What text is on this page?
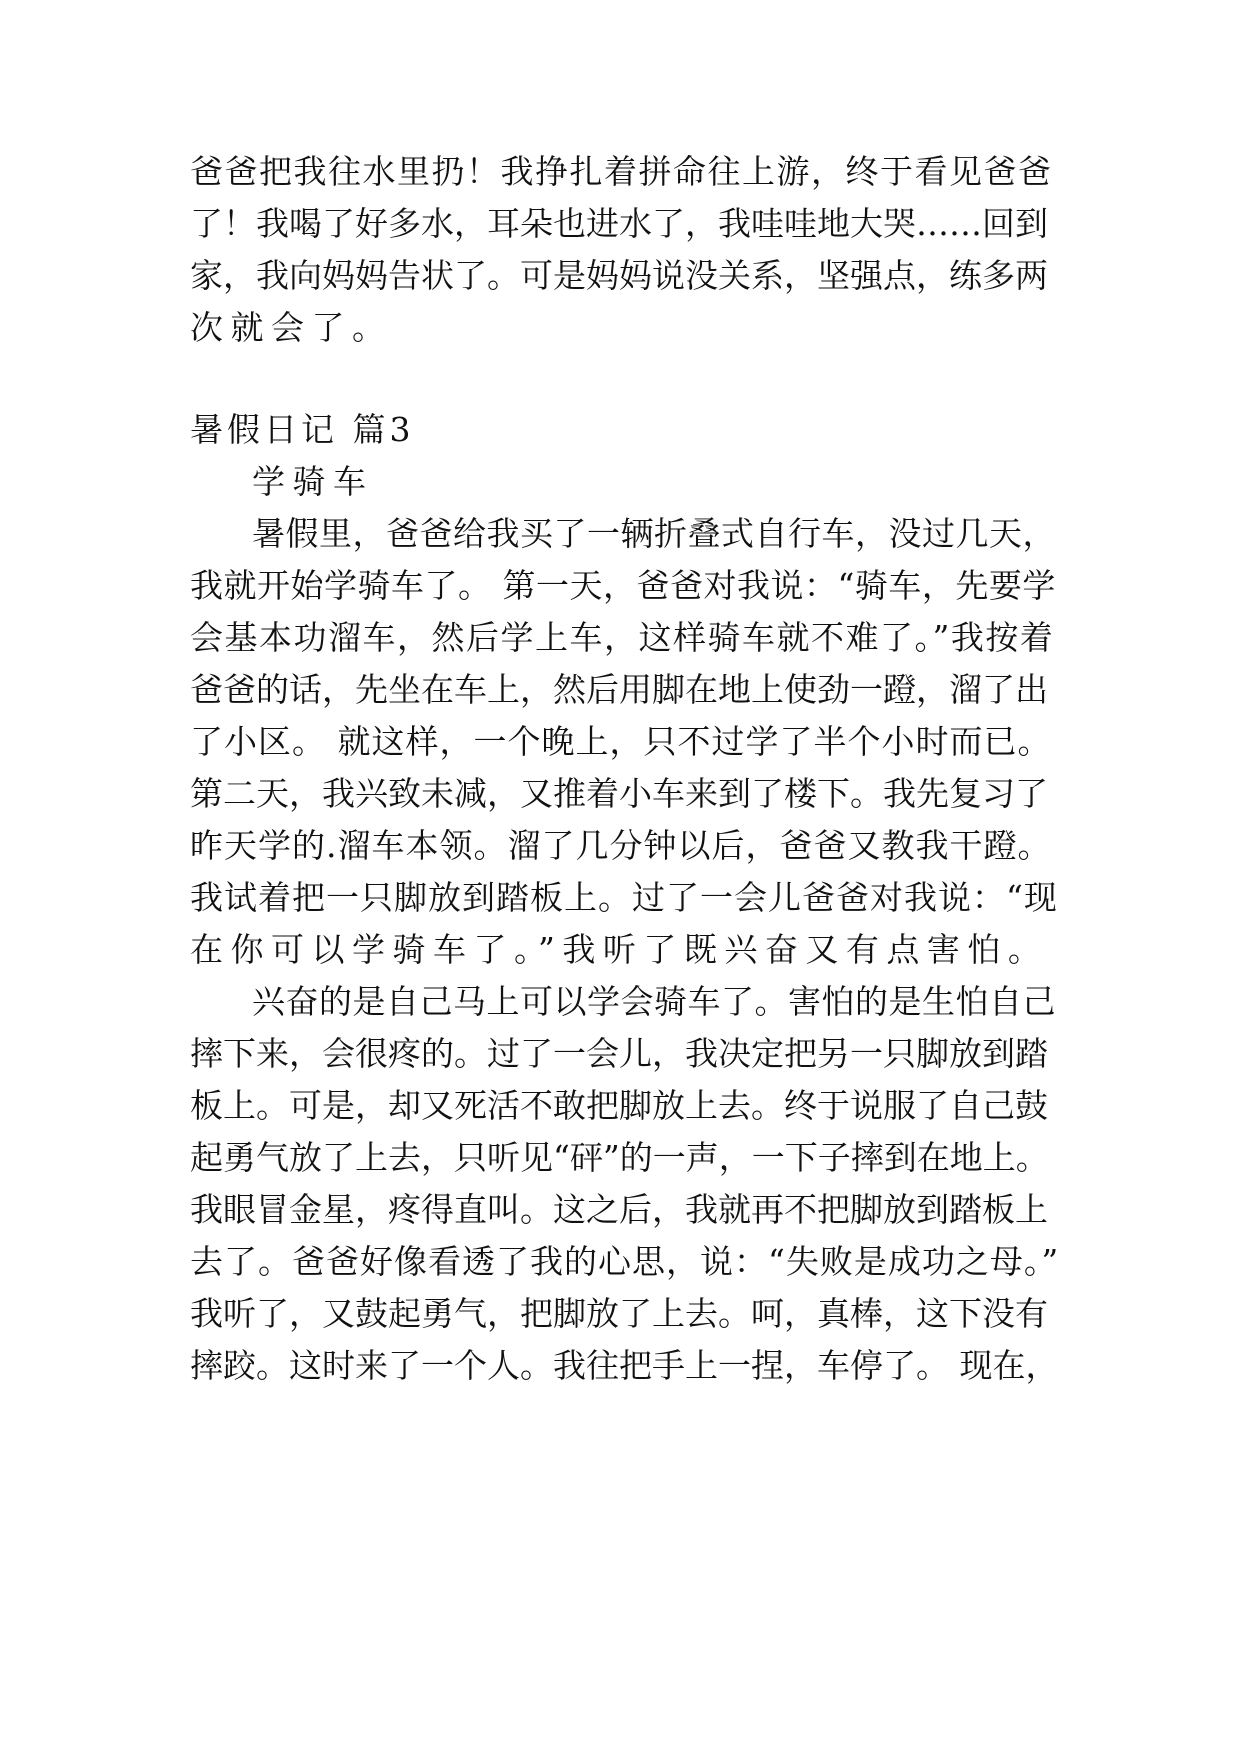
爸爸把我往水里扔！我挣扎着拼命往上游，终于看见爸爸
了！我喝了好多水，耳朵也进水了，我哇哇地大哭……回到
家，我向妈妈告状了。可是妈妈说没关系，坚强点，练多两
次就会了。
暑假日记 篇3
学骑车
暑假里，爸爸给我买了一辆折叠式自行车，没过几天，
我就开始学骑车了。 第一天，爸爸对我说：“骑车，先要学
会基本功溜车，然后学上车，这样骑车就不难了。”我按着
爸爸的话，先坐在车上，然后用脚在地上使劲一蹬，溜了出
了小区。 就这样，一个晚上，只不过学了半个小时而已。
第二天，我兴致未减，又推着小车来到了楼下。我先复习了
昨天学的.溜车本领。溜了几分钟以后，爸爸又教我干蹬。
我试着把一只脚放到踏板上。过了一会儿爸爸对我说：“现
在你可以学骑车了。”我听了既兴奋又有点害怕。
兴奋的是自己马上可以学会骑车了。害怕的是生怕自己
摔下来，会很疼的。过了一会儿，我决定把另一只脚放到踏
板上。可是，却又死活不敢把脚放上去。终于说服了自己鼓
起勇气放了上去，只听见“砰”的一声，一下子摔到在地上。
我眼冒金星，疼得直叫。这之后，我就再不把脚放到踏板上
去了。爸爸好像看透了我的心思，说：“失败是成功之母。”
我听了，又鼓起勇气，把脚放了上去。呵，真棒，这下没有
摔跤。这时来了一个人。我往把手上一捏，车停了。 现在，
